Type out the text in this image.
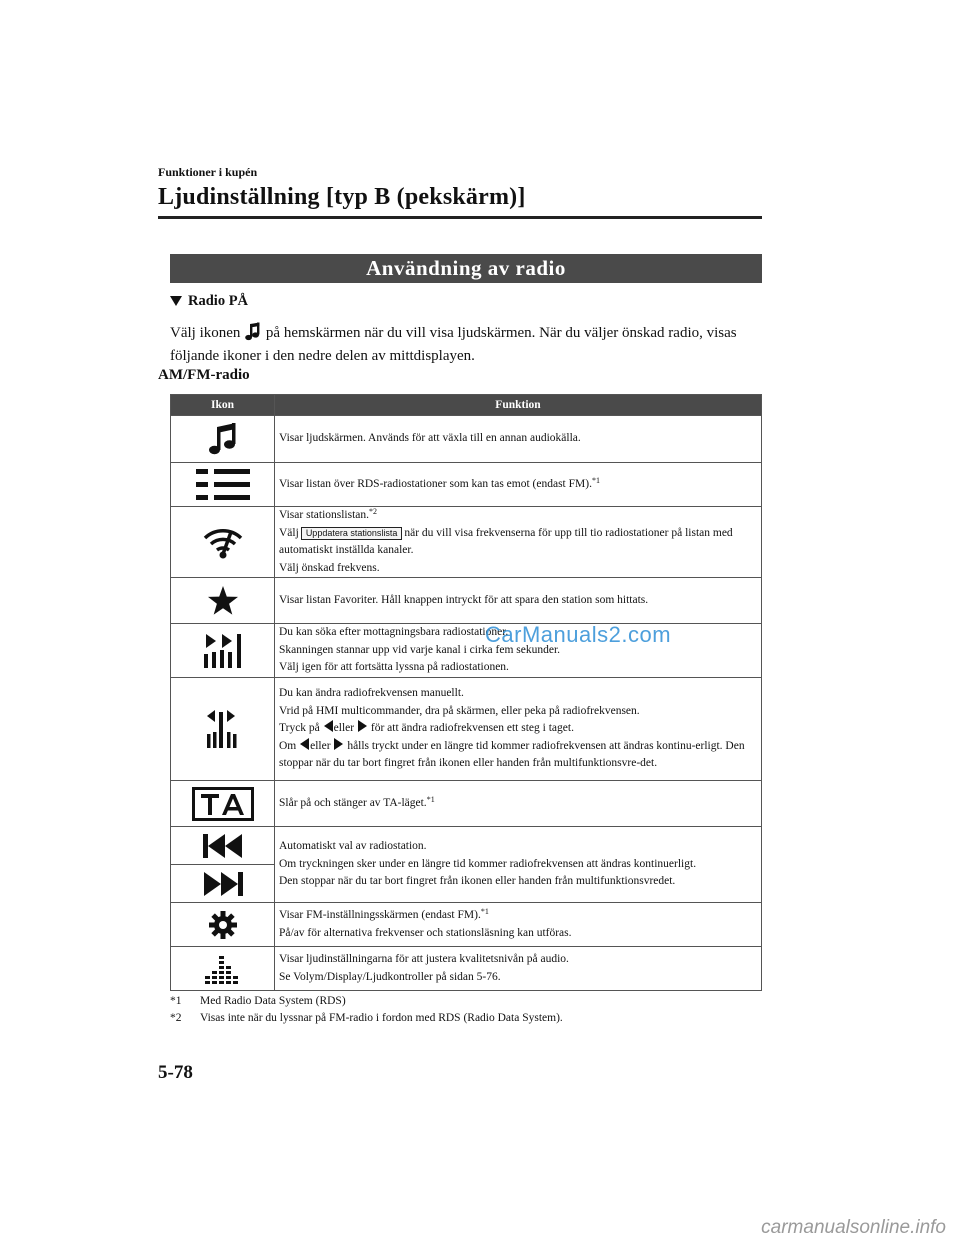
Funktioner i kupén
Ljudinställning [typ B (pekskärm)]
Användning av radio
Radio PÅ
Välj ikonen på hemskärmen när du vill visa ljudskärmen. När du väljer önskad radio, visas följande ikoner i den nedre delen av mittdisplayen.
AM/FM-radio
Ikon	Funktion

	Visar ljudskärmen. Används för att växla till en annan audiokälla.

	Visar listan över RDS-radiostationer som kan tas emot (endast FM).$^{*1}$

Visar stationslistan.$^{*2}$
Välj Uppdatera stationslista när du vill visa frekvenserna för upp till tio radiostationer på listan med automatiskt inställda kanaler.
Välj önskad frekvens.

	Visar listan Favoriter. Håll knappen intryckt för att spara den station som hittats.

Du kan söka efter mottagningsbara radiostationer.
Skanningen stannar upp vid varje kanal i cirka fem sekunder.
Välj igen för att fortsätta lyssna på radiostationen.

Du kan ändra radiofrekvensen manuellt.
Vrid på HMI multicommander, dra på skärmen, eller peka på radiofrekvensen.
Tryck på eller för att ändra radiofrekvensen ett steg i taget.
Om eller hålls tryckt under en längre tid kommer radiofrekvensen att ändras kontinu-erligt. Den stoppar när du tar bort fingret från ikonen eller handen från multifunktionsvre-det.

	Slår på och stänger av TA-läget.$^{*1}$

Automatiskt val av radiostation.
Om tryckningen sker under en längre tid kommer radiofrekvensen att ändras kontinuerligt.
Den stoppar när du tar bort fingret från ikonen eller handen från multifunktionsvredet.

Visar FM-inställningsskärmen (endast FM).$^{*1}$
På/av för alternativa frekvenser och stationsläsning kan utföras.

Visar ljudinställningarna för att justera kvalitetsnivån på audio.
Se Volym/Display/Ljudkontroller på sidan 5-76.
CarManuals2.com
*1 Med Radio Data System (RDS)
*2 Visas inte när du lyssnar på FM-radio i fordon med RDS (Radio Data System).
5-78
carmanualsonline.info
